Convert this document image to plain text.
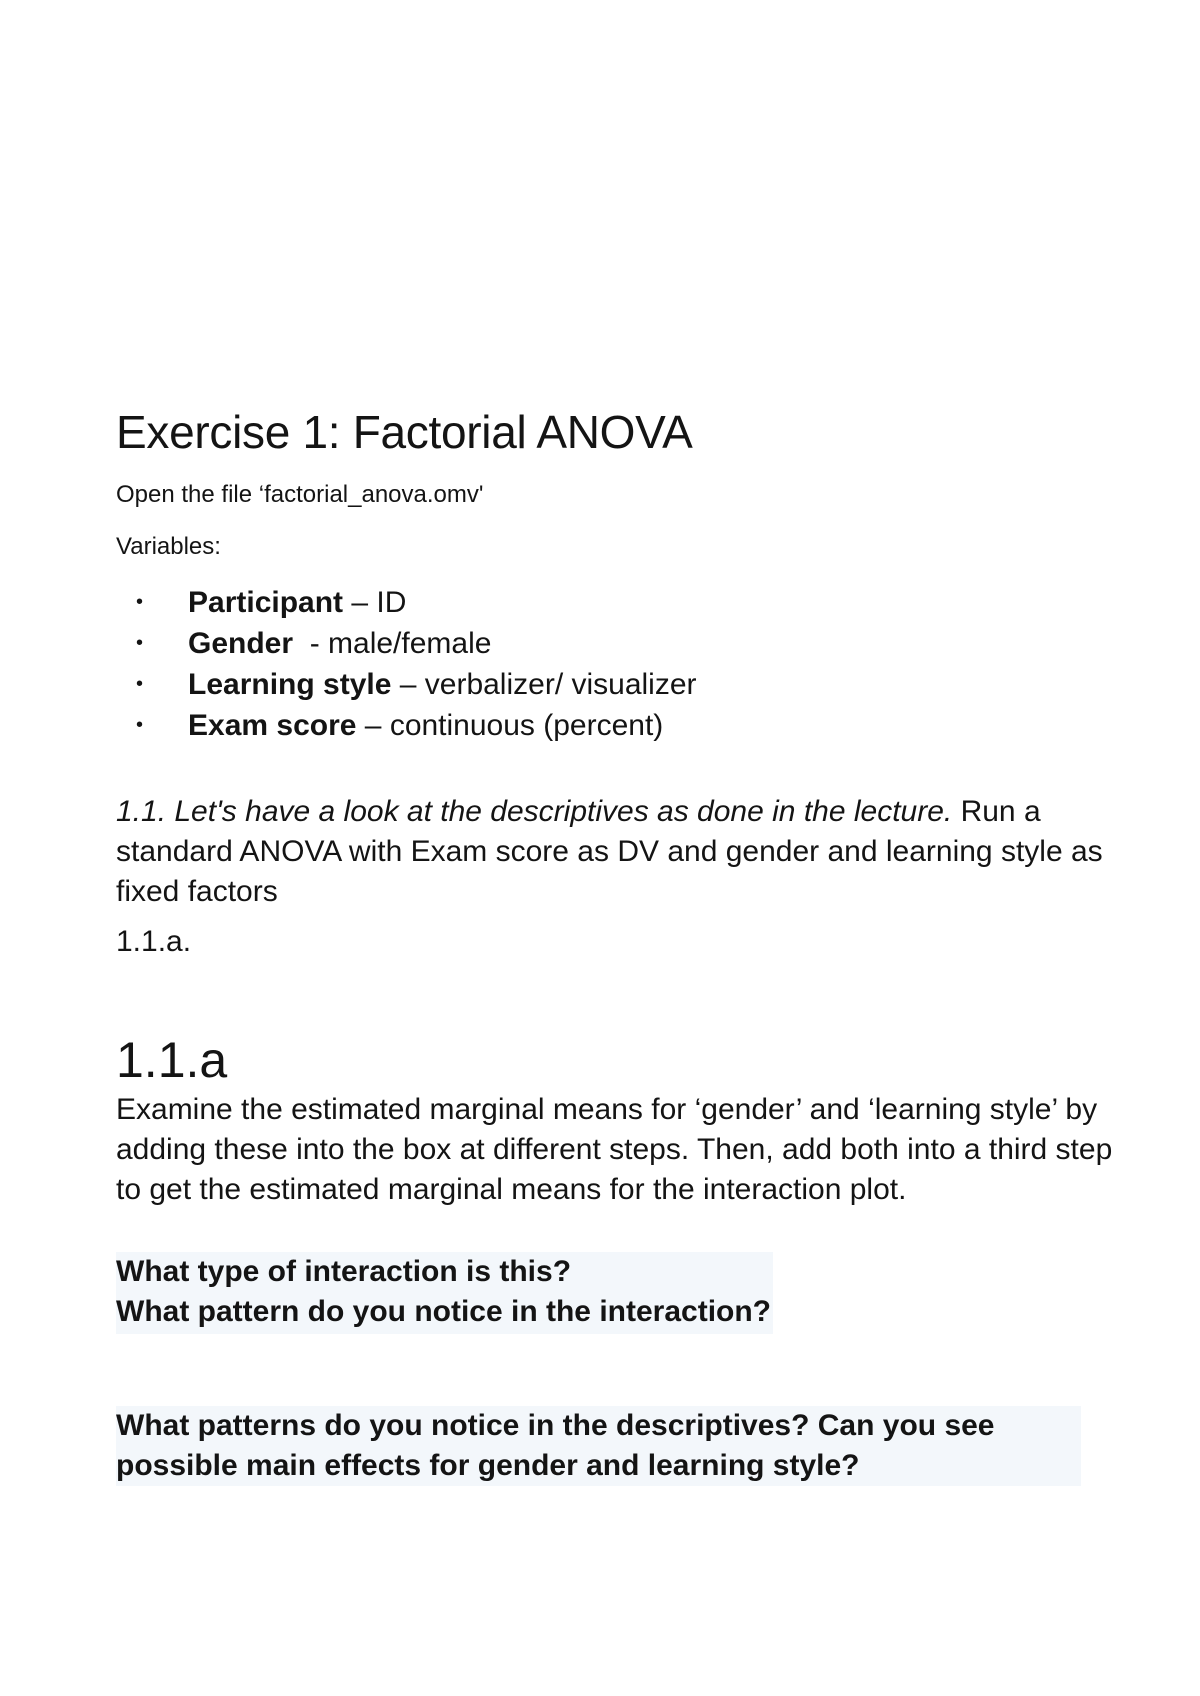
Exercise 1: Factorial ANOVA

Open the file ‘factorial_anova.omv'

Variables:

• Participant – ID
• Gender  - male/female
• Learning style – verbalizer/ visualizer
• Exam score – continuous (percent)

1.1. Let's have a look at the descriptives as done in the lecture. Run a standard ANOVA with Exam score as DV and gender and learning style as fixed factors

1.1.a.

1.1.a

Examine the estimated marginal means for ‘gender’ and ‘learning style’ by adding these into the box at different steps. Then, add both into a third step to get the estimated marginal means for the interaction plot.

What type of interaction is this?
What pattern do you notice in the interaction?
What patterns do you notice in the descriptives? Can you see
possible main effects for gender and learning style?
